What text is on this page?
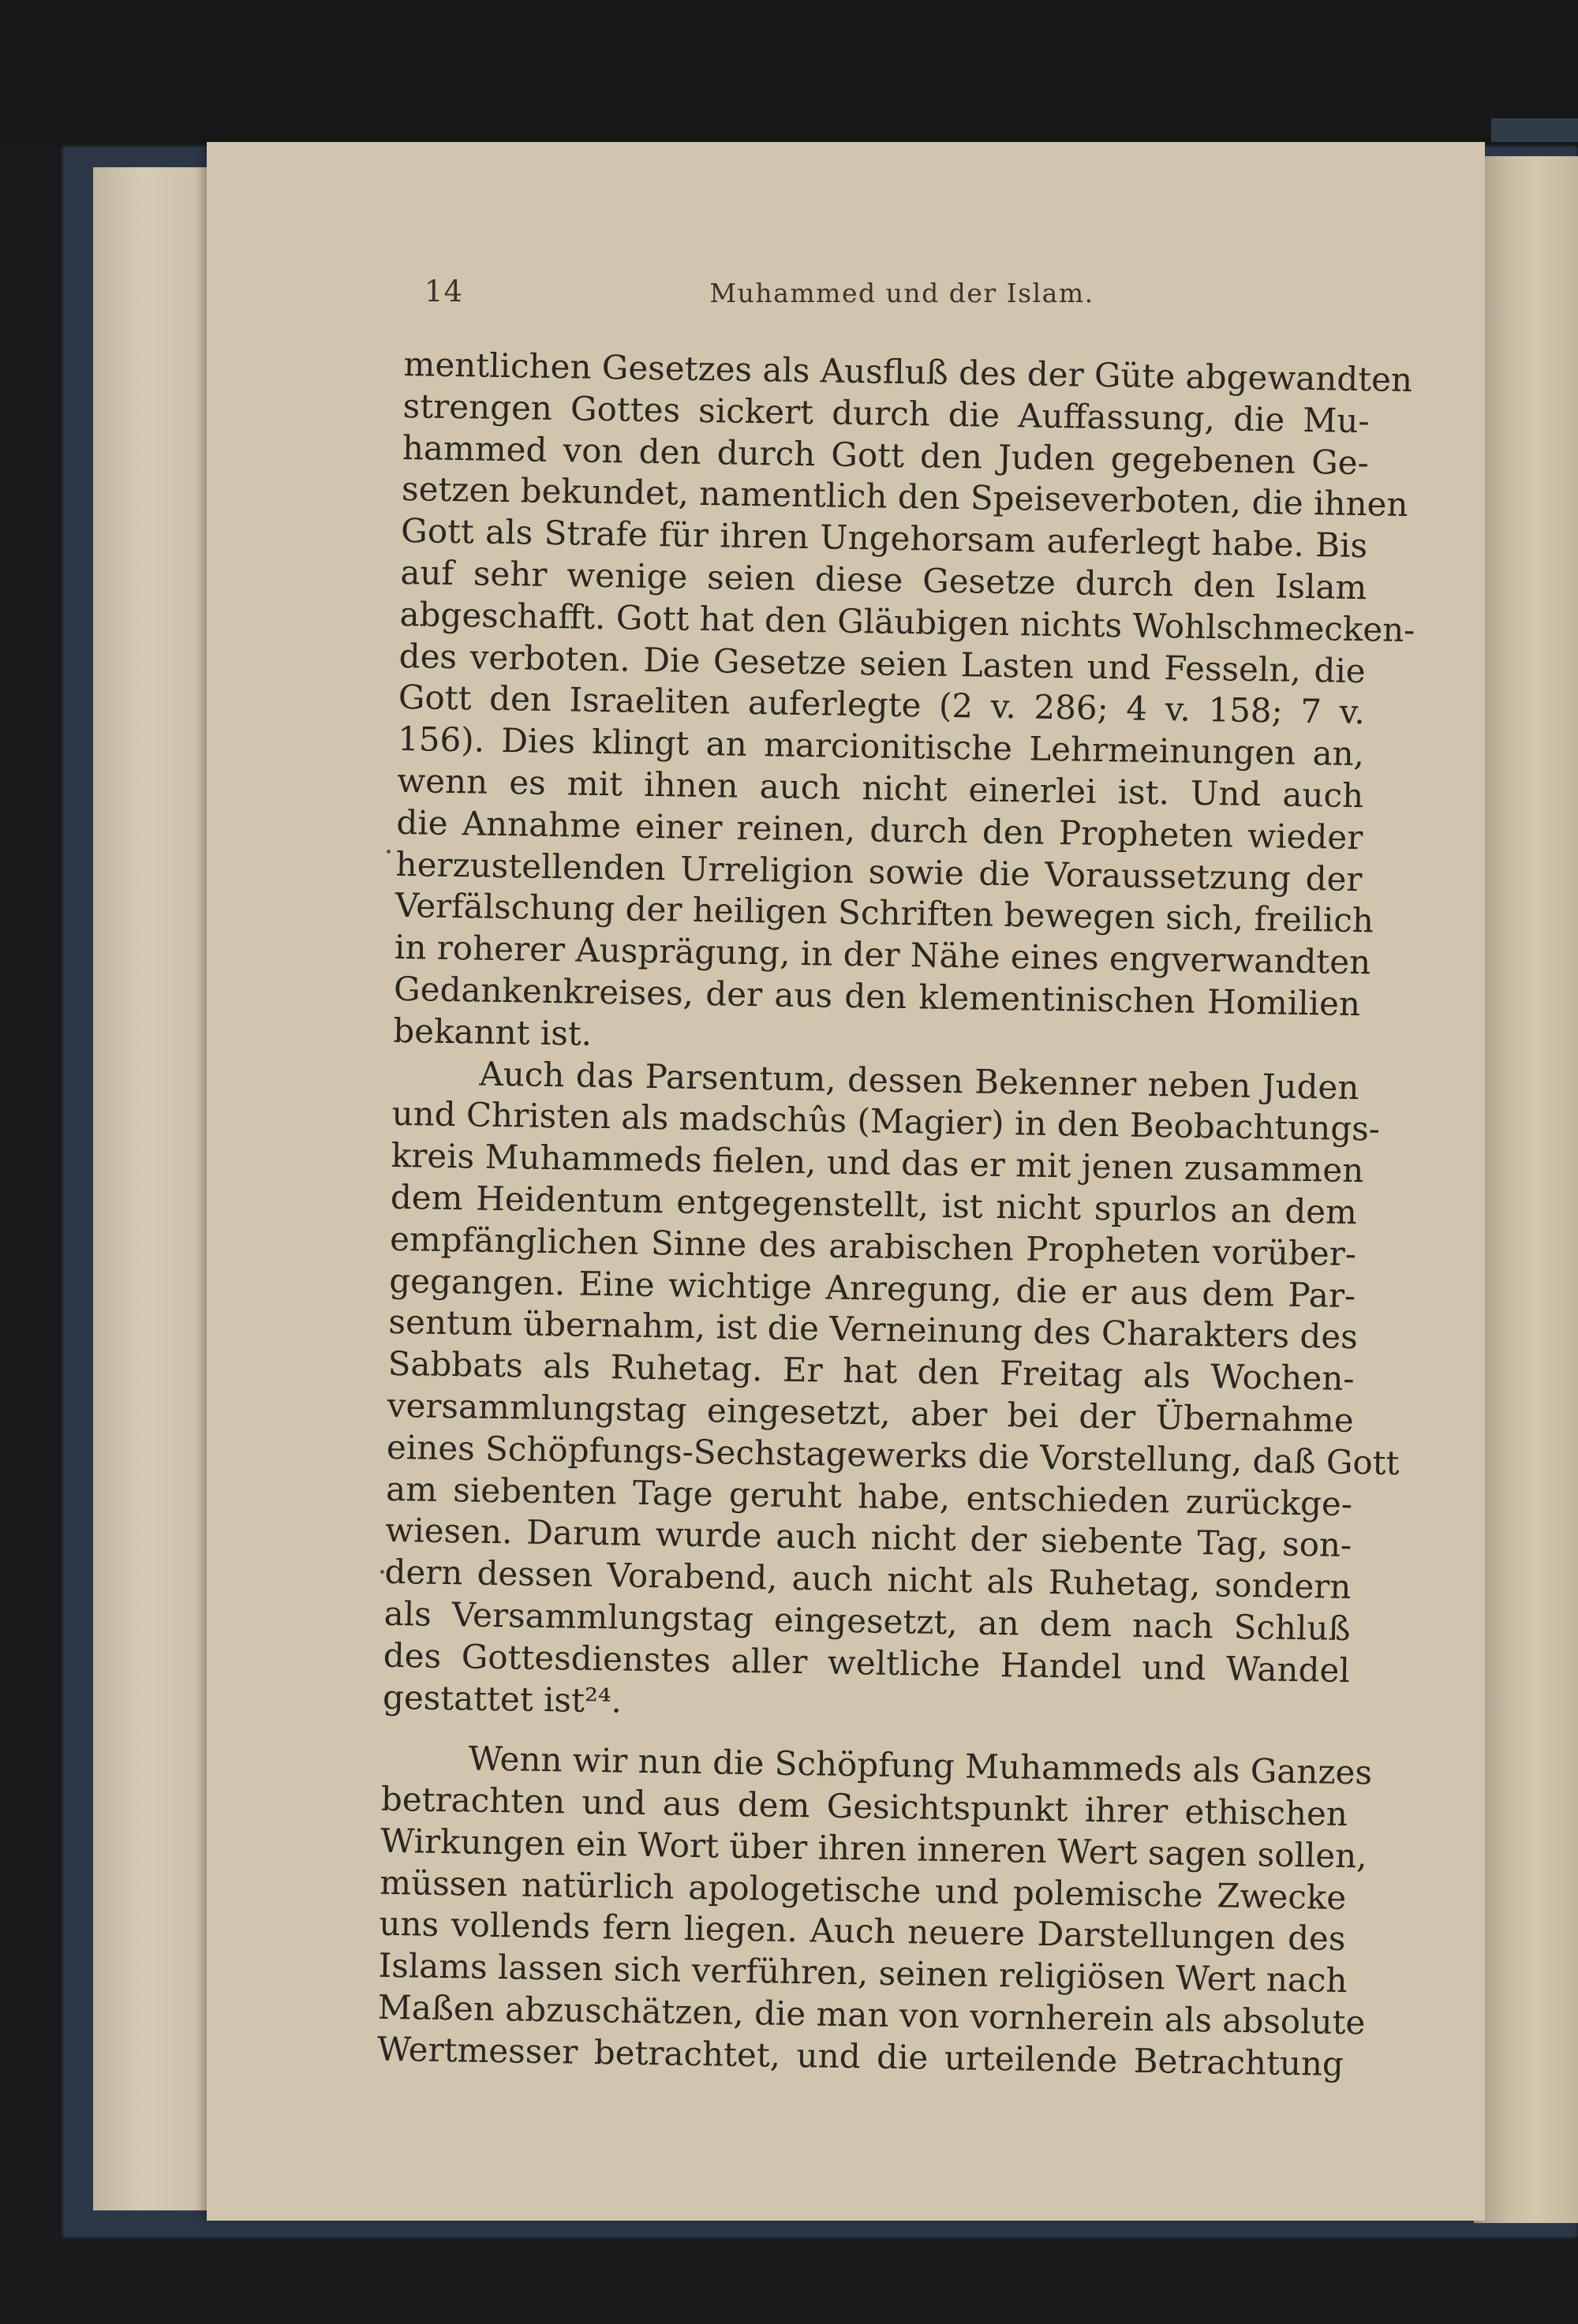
14	Muhammed und der Islam.
mentlichen Gesetzes als Ausfluß des der Güte abgewandten
strengen Gottes sickert durch die Auffassung, die Mu-
hammed von den durch Gott den Juden gegebenen Ge-
setzen bekundet, namentlich den Speiseverboten, die ihnen
Gott als Strafe für ihren Ungehorsam auferlegt habe. Bis
auf sehr wenige seien diese Gesetze durch den Islam
abgeschafft. Gott hat den Gläubigen nichts Wohlschmecken-
des verboten. Die Gesetze seien Lasten und Fesseln, die
Gott den Israeliten auferlegte (2 v. 286; 4 v. 158; 7 v.
156). Dies klingt an marcionitische Lehrmeinungen an,
wenn es mit ihnen auch nicht einerlei ist. Und auch
die Annahme einer reinen, durch den Propheten wieder
herzustellenden Urreligion sowie die Voraussetzung der
Verfälschung der heiligen Schriften bewegen sich, freilich
in roherer Ausprägung, in der Nähe eines engverwandten
Gedankenkreises, der aus den klementinischen Homilien
bekannt ist.
Auch das Parsentum, dessen Bekenner neben Juden
und Christen als madschûs (Magier) in den Beobachtungs-
kreis Muhammeds fielen, und das er mit jenen zusammen
dem Heidentum entgegenstellt, ist nicht spurlos an dem
empfänglichen Sinne des arabischen Propheten vorüber-
gegangen. Eine wichtige Anregung, die er aus dem Par-
sentum übernahm, ist die Verneinung des Charakters des
Sabbats als Ruhetag. Er hat den Freitag als Wochen-
versammlungstag eingesetzt, aber bei der Übernahme
eines Schöpfungs-Sechstagewerks die Vorstellung, daß Gott
am siebenten Tage geruht habe, entschieden zurückge-
wiesen. Darum wurde auch nicht der siebente Tag, son-
dern dessen Vorabend, auch nicht als Ruhetag, sondern
als Versammlungstag eingesetzt, an dem nach Schluß
des Gottesdienstes aller weltliche Handel und Wandel
gestattet ist²⁴.
Wenn wir nun die Schöpfung Muhammeds als Ganzes
betrachten und aus dem Gesichtspunkt ihrer ethischen
Wirkungen ein Wort über ihren inneren Wert sagen sollen,
müssen natürlich apologetische und polemische Zwecke
uns vollends fern liegen. Auch neuere Darstellungen des
Islams lassen sich verführen, seinen religiösen Wert nach
Maßen abzuschätzen, die man von vornherein als absolute
Wertmesser betrachtet, und die urteilende Betrachtung
